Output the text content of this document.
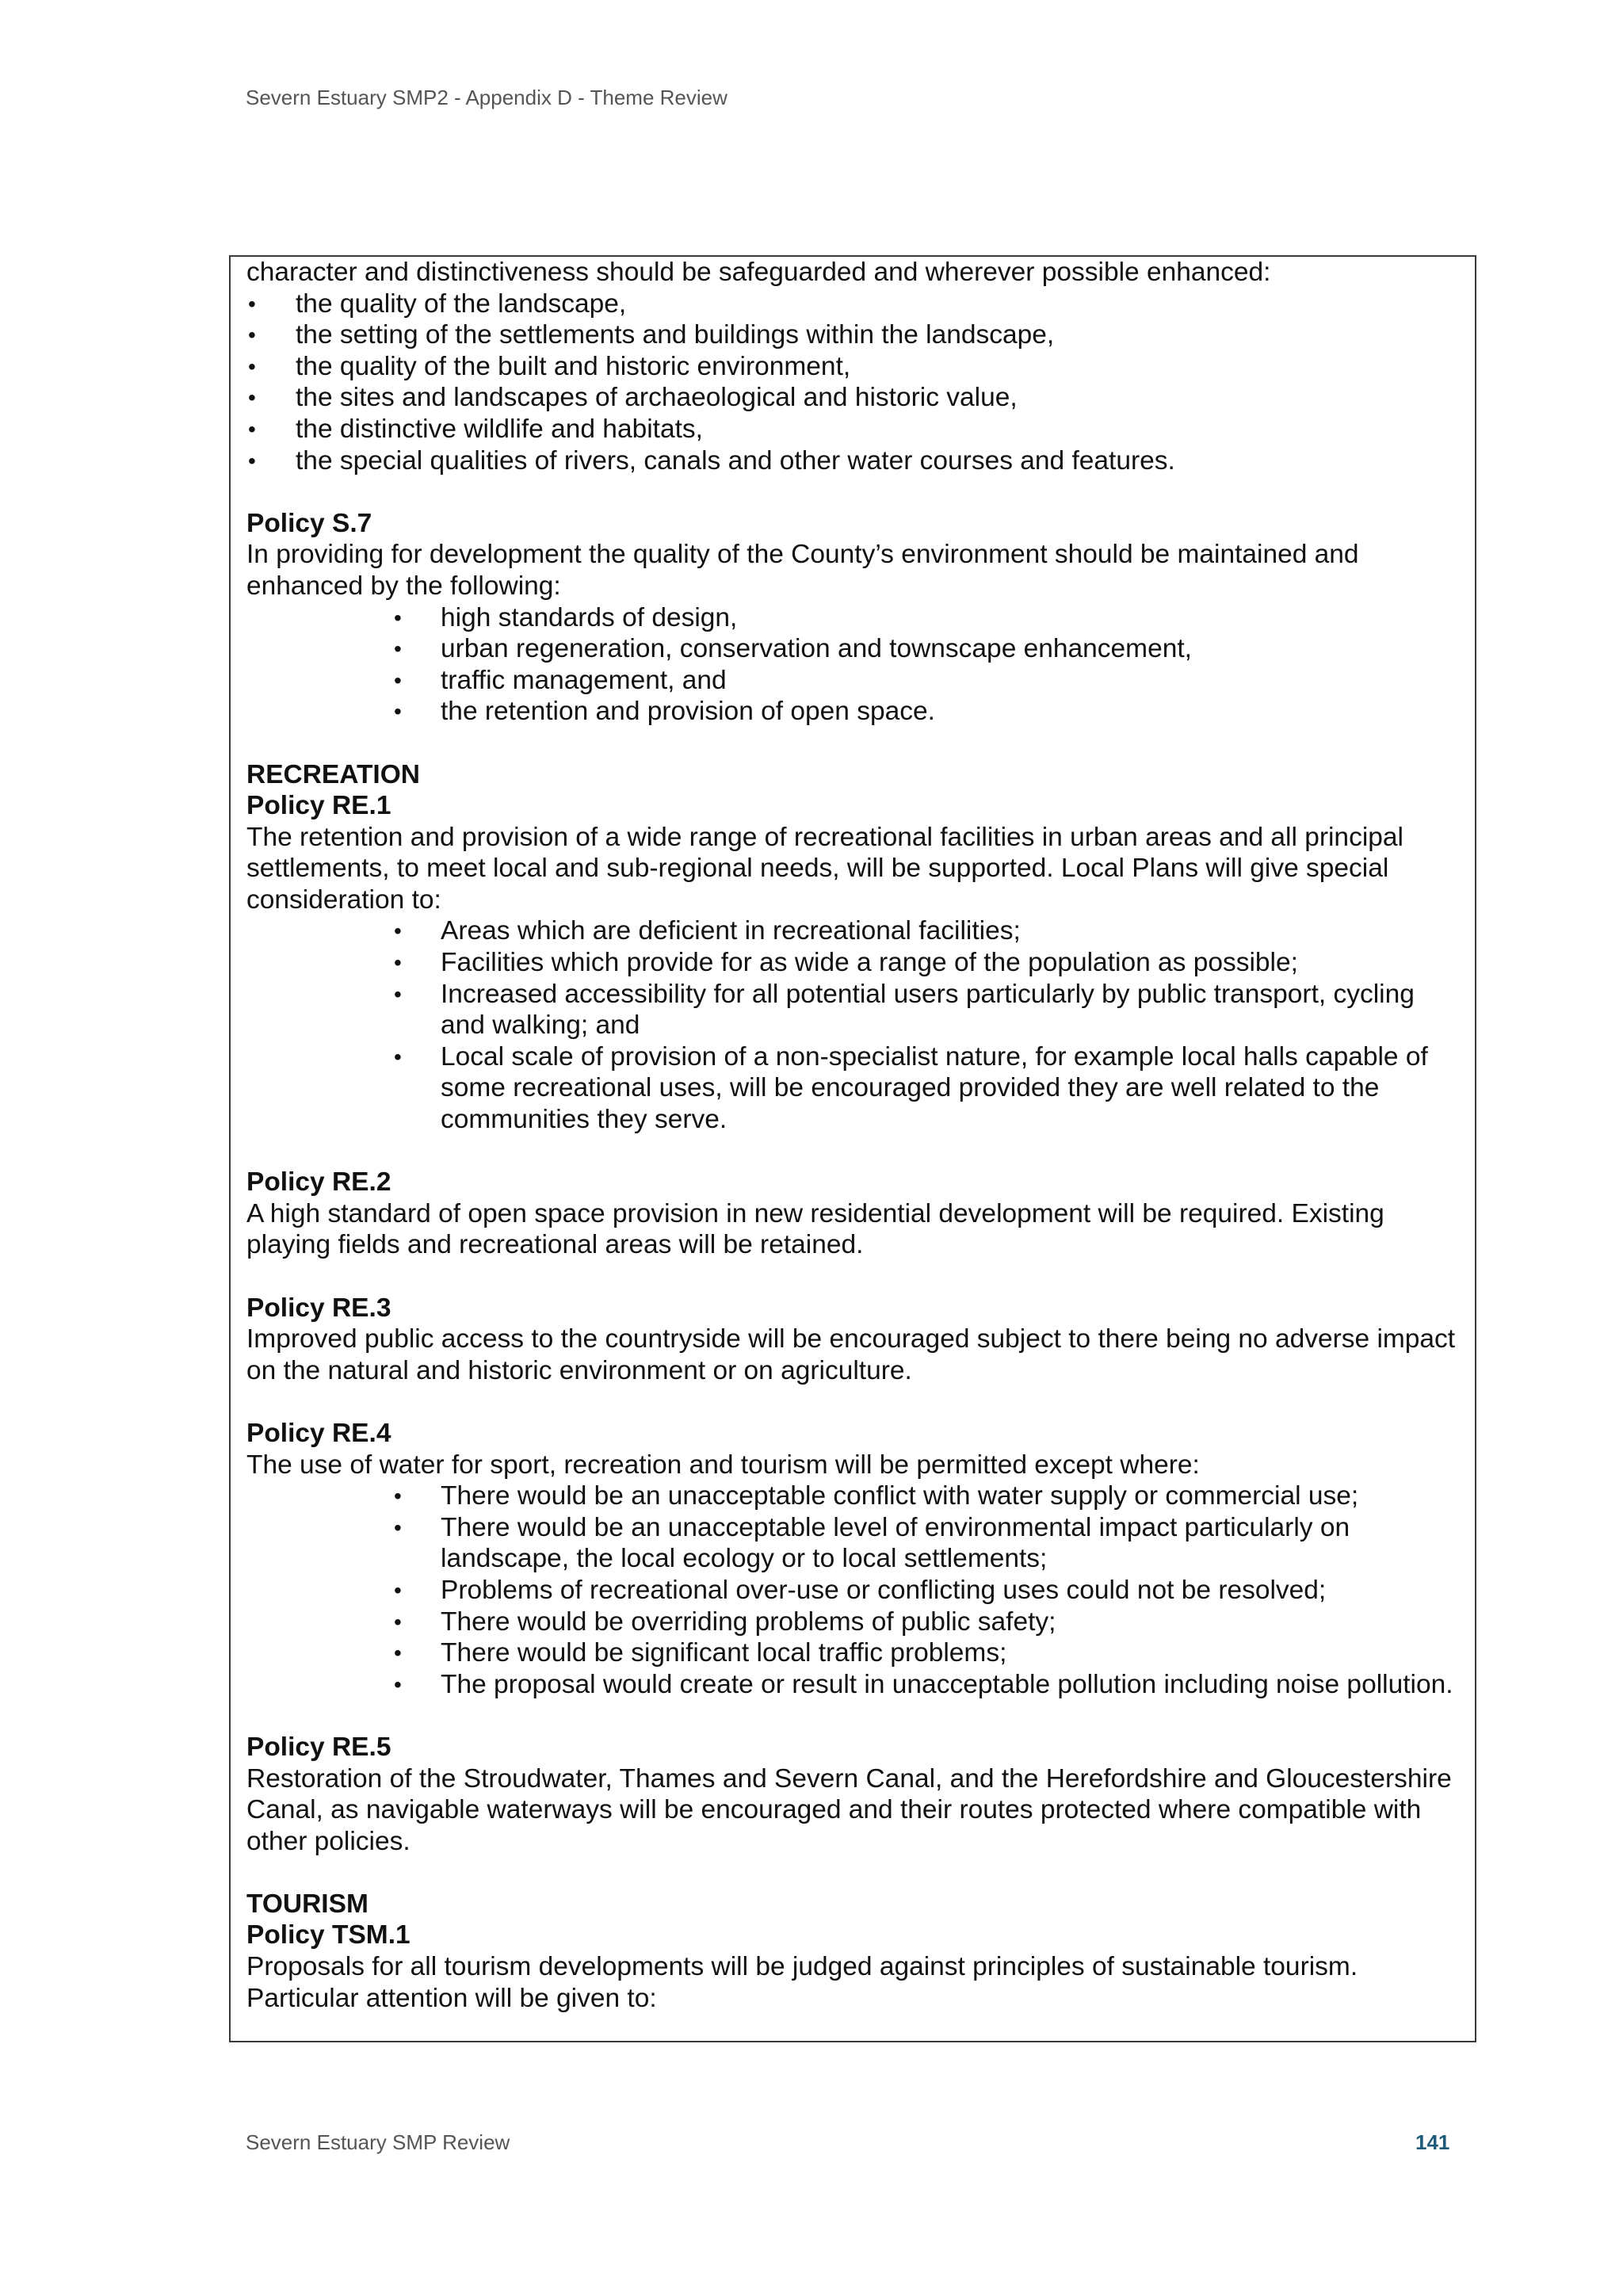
Severn Estuary SMP2 - Appendix D - Theme Review

character and distinctiveness should be safeguarded and wherever possible enhanced:

• the quality of the landscape,
• the setting of the settlements and buildings within the landscape,
• the quality of the built and historic environment,
• the sites and landscapes of archaeological and historic value,
• the distinctive wildlife and habitats,
• the special qualities of rivers, canals and other water courses and features.

Policy S.7

In providing for development the quality of the County’s environment should be maintained and enhanced by the following:

• high standards of design,
• urban regeneration, conservation and townscape enhancement,
• traffic management, and
• the retention and provision of open space.

RECREATION

Policy RE.1

The retention and provision of a wide range of recreational facilities in urban areas and all principal settlements, to meet local and sub-regional needs, will be supported. Local Plans will give special consideration to:

• Areas which are deficient in recreational facilities;
• Facilities which provide for as wide a range of the population as possible;
• Increased accessibility for all potential users particularly by public transport, cycling and walking; and
• Local scale of provision of a non-specialist nature, for example local halls capable of some recreational uses, will be encouraged provided they are well related to the communities they serve.

Policy RE.2

A high standard of open space provision in new residential development will be required. Existing playing fields and recreational areas will be retained.

Policy RE.3

Improved public access to the countryside will be encouraged subject to there being no adverse impact on the natural and historic environment or on agriculture.

Policy RE.4

The use of water for sport, recreation and tourism will be permitted except where:

• There would be an unacceptable conflict with water supply or commercial use;
• There would be an unacceptable level of environmental impact particularly on landscape, the local ecology or to local settlements;
• Problems of recreational over-use or conflicting uses could not be resolved;
• There would be overriding problems of public safety;
• There would be significant local traffic problems;
• The proposal would create or result in unacceptable pollution including noise pollution.

Policy RE.5

Restoration of the Stroudwater, Thames and Severn Canal, and the Herefordshire and Gloucestershire Canal, as navigable waterways will be encouraged and their routes protected where compatible with other policies.

TOURISM

Policy TSM.1

Proposals for all tourism developments will be judged against principles of sustainable tourism. Particular attention will be given to:

Severn Estuary SMP Review	141
